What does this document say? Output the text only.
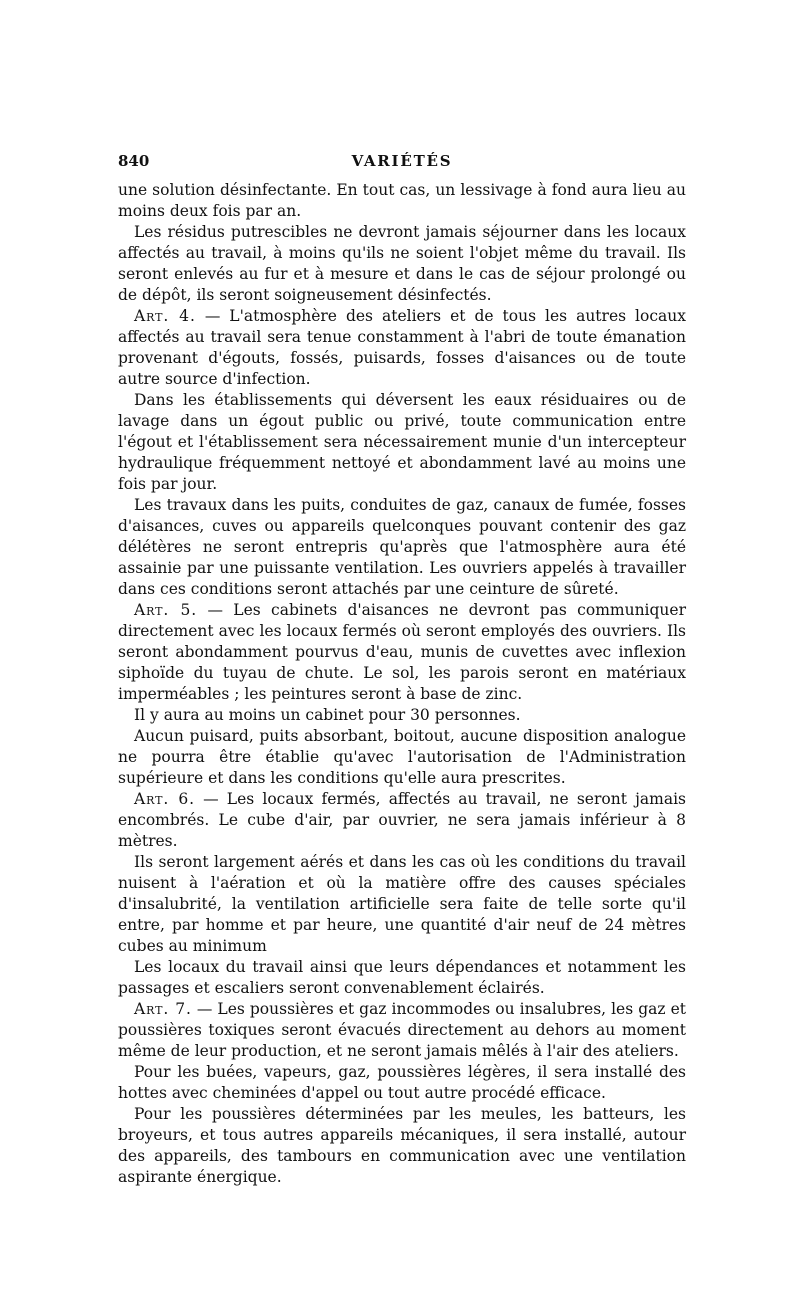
840	VARIÉTÉS

une solution désinfectante. En tout cas, un lessivage à fond aura lieu au moins deux fois par an.

Les résidus putrescibles ne devront jamais séjourner dans les locaux affectés au travail, à moins qu'ils ne soient l'objet même du travail. Ils seront enlevés au fur et à mesure et dans le cas de séjour prolongé ou de dépôt, ils seront soigneusement désinfectés.

Art. 4. — L'atmosphère des ateliers et de tous les autres locaux affectés au travail sera tenue constamment à l'abri de toute émanation provenant d'égouts, fossés, puisards, fosses d'aisances ou de toute autre source d'infection.

Dans les établissements qui déversent les eaux résiduaires ou de lavage dans un égout public ou privé, toute communication entre l'égout et l'établissement sera nécessairement munie d'un intercepteur hydraulique fréquemment nettoyé et abondamment lavé au moins une fois par jour.

Les travaux dans les puits, conduites de gaz, canaux de fumée, fosses d'aisances, cuves ou appareils quelconques pouvant contenir des gaz délétères ne seront entrepris qu'après que l'atmosphère aura été assainie par une puissante ventilation. Les ouvriers appelés à travailler dans ces conditions seront attachés par une ceinture de sûreté.

Art. 5. — Les cabinets d'aisances ne devront pas communiquer directement avec les locaux fermés où seront employés des ouvriers. Ils seront abondamment pourvus d'eau, munis de cuvettes avec inflexion siphoïde du tuyau de chute. Le sol, les parois seront en matériaux imperméables ; les peintures seront à base de zinc.

Il y aura au moins un cabinet pour 30 personnes.

Aucun puisard, puits absorbant, boitout, aucune disposition analogue ne pourra être établie qu'avec l'autorisation de l'Administration supérieure et dans les conditions qu'elle aura prescrites.

Art. 6. — Les locaux fermés, affectés au travail, ne seront jamais encombrés. Le cube d'air, par ouvrier, ne sera jamais inférieur à 8 mètres.

Ils seront largement aérés et dans les cas où les conditions du travail nuisent à l'aération et où la matière offre des causes spéciales d'insalubrité, la ventilation artificielle sera faite de telle sorte qu'il entre, par homme et par heure, une quantité d'air neuf de 24 mètres cubes au minimum

Les locaux du travail ainsi que leurs dépendances et notamment les passages et escaliers seront convenablement éclairés.

Art. 7. — Les poussières et gaz incommodes ou insalubres, les gaz et poussières toxiques seront évacués directement au dehors au moment même de leur production, et ne seront jamais mêlés à l'air des ateliers.

Pour les buées, vapeurs, gaz, poussières légères, il sera installé des hottes avec cheminées d'appel ou tout autre procédé efficace.

Pour les poussières déterminées par les meules, les batteurs, les broyeurs, et tous autres appareils mécaniques, il sera installé, autour des appareils, des tambours en communication avec une ventilation aspirante énergique.
